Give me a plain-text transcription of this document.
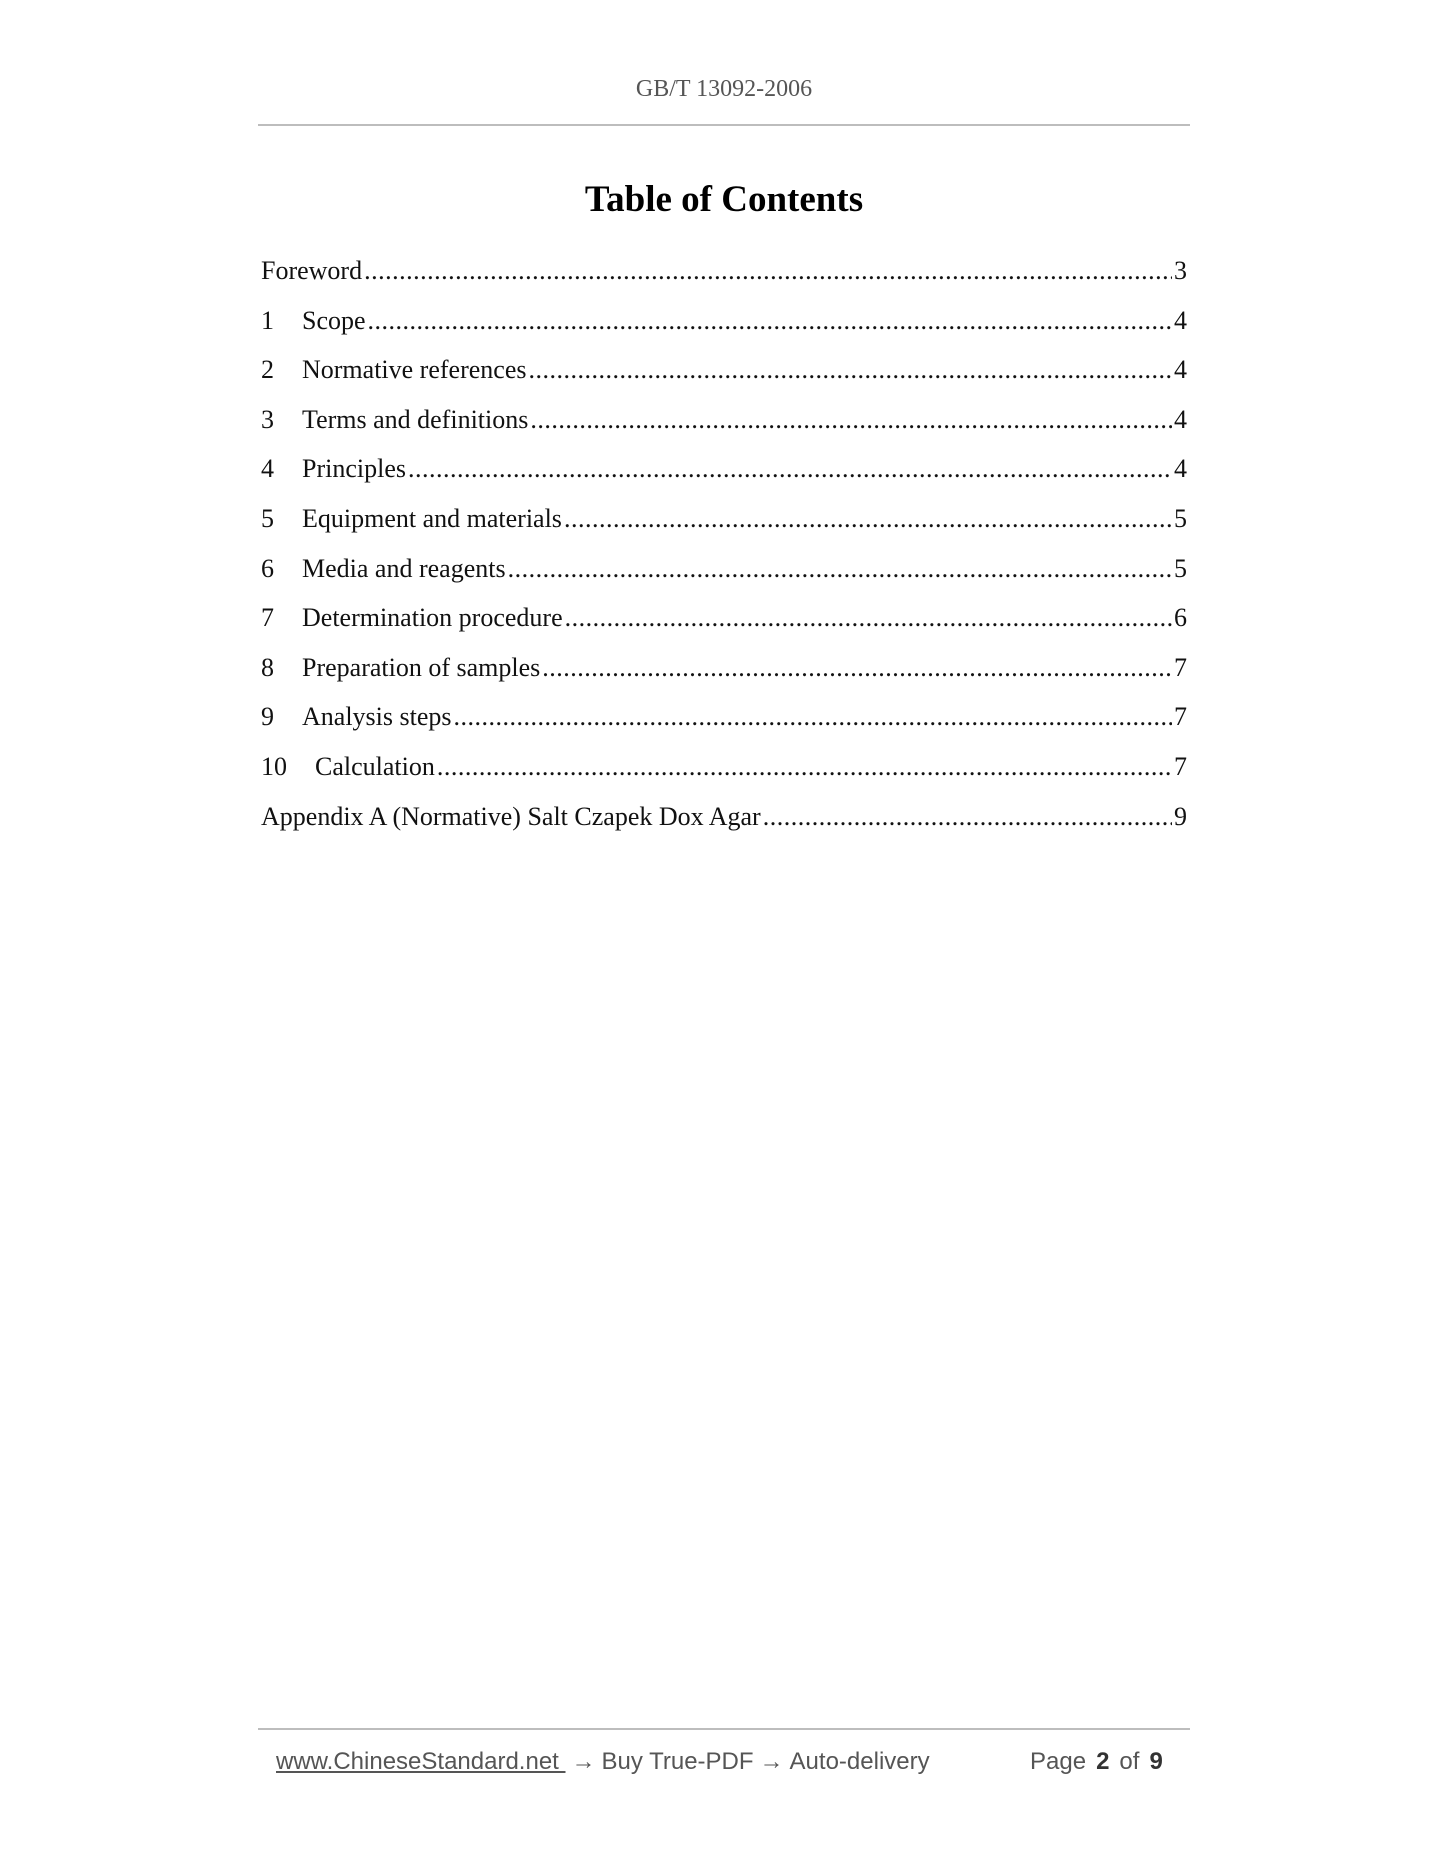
GB/T 13092-2006
Table of Contents
Foreword .....	3
1	Scope .....	4
2	Normative references .....	4
3	Terms and definitions .....	4
4	Principles .....	4
5	Equipment and materials .....	5
6	Media and reagents .....	5
7	Determination procedure .....	6
8	Preparation of samples .....	7
9	Analysis steps .....	7
10	Calculation .....	7
Appendix A (Normative) Salt Czapek Dox Agar .....	9
www.ChineseStandard.net → Buy True-PDF → Auto-delivery	Page 2 of 9
